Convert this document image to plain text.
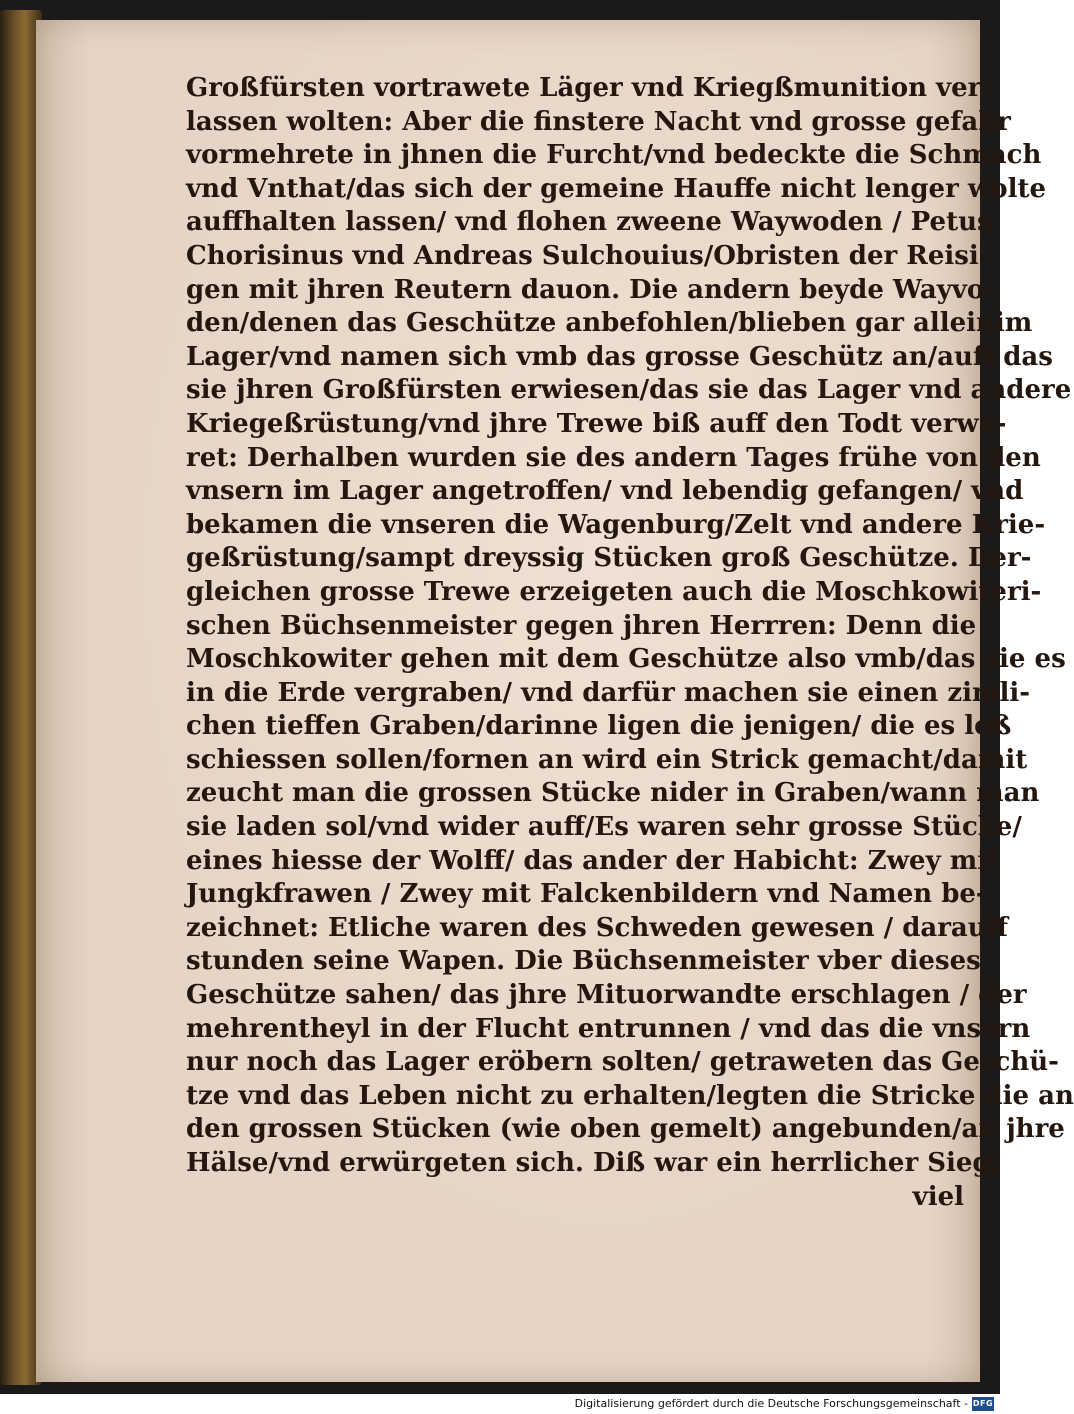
Großfürsten vortrawete Läger vnd Kriegßmunition ver-
lassen wolten: Aber die finstere Nacht vnd grosse gefahr
vormehrete in jhnen die Furcht/vnd bedeckte die Schmach
vnd Vnthat/das sich der gemeine Hauffe nicht lenger wolte
auffhalten lassen/ vnd flohen zweene Waywoden / Petus
Chorisinus vnd Andreas Sulchouius/Obristen der Reisi-
gen mit jhren Reutern dauon. Die andern beyde Wayvo-
den/denen das Geschütze anbefohlen/blieben gar alleinim
Lager/vnd namen sich vmb das grosse Geschütz an/auff das
sie jhren Großfürsten erwiesen/das sie das Lager vnd andere
Kriegeßrüstung/vnd jhre Trewe biß auff den Todt verwa-
ret: Derhalben wurden sie des andern Tages frühe von den
vnsern im Lager angetroffen/ vnd lebendig gefangen/ vnd
bekamen die vnseren die Wagenburg/Zelt vnd andere Krie-
geßrüstung/sampt dreyssig Stücken groß Geschütze. Der-
gleichen grosse Trewe erzeigeten auch die Moschkowiteri-
schen Büchsenmeister gegen jhren Herrren: Denn die
Moschkowiter gehen mit dem Geschütze also vmb/das sie es
in die Erde vergraben/ vnd darfür machen sie einen zimli-
chen tieffen Graben/darinne ligen die jenigen/ die es loß
schiessen sollen/fornen an wird ein Strick gemacht/damit
zeucht man die grossen Stücke nider in Graben/wann man
sie laden sol/vnd wider auff/Es waren sehr grosse Stücke/
eines hiesse der Wolff/ das ander der Habicht: Zwey mit
Jungkfrawen / Zwey mit Falckenbildern vnd Namen be-
zeichnet: Etliche waren des Schweden gewesen / darauff
stunden seine Wapen. Die Büchsenmeister vber dieses
Geschütze sahen/ das jhre Mituorwandte erschlagen / der
mehrentheyl in der Flucht entrunnen / vnd das die vnsern
nur noch das Lager eröbern solten/ getraweten das Geschü-
tze vnd das Leben nicht zu erhalten/legten die Stricke die an
den grossen Stücken (wie oben gemelt) angebunden/an jhre
Hälse/vnd erwürgeten sich. Diß war ein herrlicher Sieg/
viel
Digitalisierung gefördert durch die Deutsche Forschungsgemeinschaft - DFG
